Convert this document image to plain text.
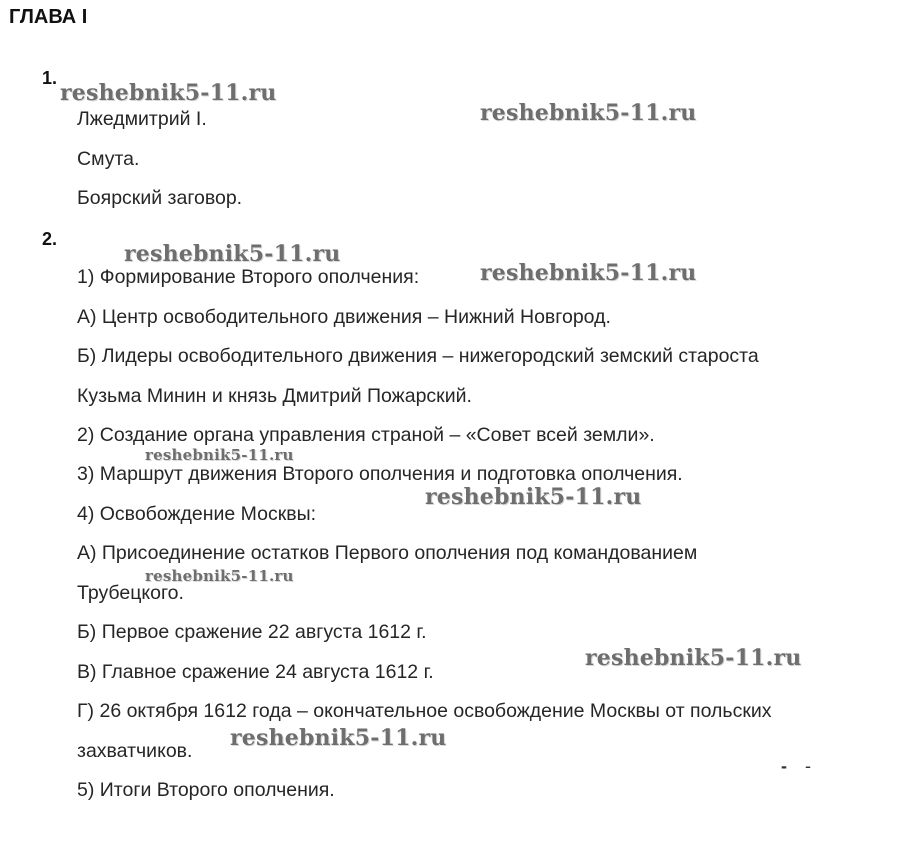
ГЛАВА I
1.
Лжедмитрий I.
Смута.
Боярский заговор.
2.
1) Формирование Второго ополчения:
А) Центр освободительного движения – Нижний Новгород.
Б) Лидеры освободительного движения – нижегородский земский староста
Кузьма Минин и князь Дмитрий Пожарский.
2) Создание органа управления страной – «Совет всей земли».
3) Маршрут движения Второго ополчения и подготовка ополчения.
4) Освобождение Москвы:
А) Присоединение остатков Первого ополчения под командованием
Трубецкого.
Б) Первое сражение 22 августа 1612 г.
В) Главное сражение 24 августа 1612 г.
Г) 26 октября 1612 года – окончательное освобождение Москвы от польских
захватчиков.
5) Итоги Второго ополчения.
reshebnik5-11.ru
reshebnik5-11.ru
reshebnik5-11.ru
reshebnik5-11.ru
reshebnik5-11.ru
reshebnik5-11.ru
reshebnik5-11.ru
reshebnik5-11.ru
reshebnik5-11.ru
- -
